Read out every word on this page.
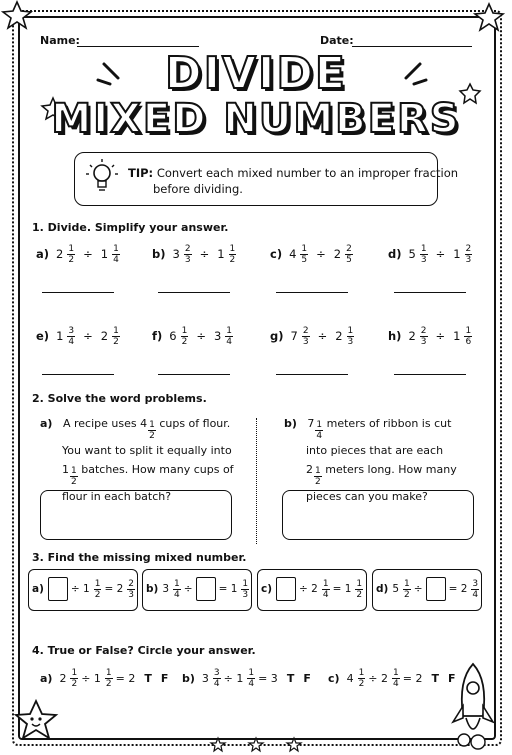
Name:	Date:
DIVIDE
MIXED NUMBERS
TIP: Convert each mixed number to an improper fraction
before dividing.
1. Divide. Simplify your answer.
a) $2 \frac{1}{2} \div 1 \frac{1}{4}$	b) $3 \frac{2}{3} \div 1 \frac{1}{2}$	c) $4 \frac{1}{5} \div 2 \frac{2}{5}$	d) $5 \frac{1}{3} \div 1 \frac{2}{3}$
e) $1 \frac{3}{4} \div 2 \frac{1}{2}$	f) $6 \frac{1}{2} \div 3 \frac{1}{4}$	g) $7 \frac{2}{3} \div 2 \frac{1}{3}$	h) $2 \frac{2}{3} \div 1 \frac{1}{6}$
2. Solve the word problems.
a) A recipe uses $4 \frac{1}{2}$ cups of flour.
You want to split it equally into
$1 \frac{1}{2}$ batches. How many cups of
flour in each batch?
b) $7 \frac{1}{4}$ meters of ribbon is cut
into pieces that are each
$2 \frac{1}{2}$ meters long. How many
pieces can you make?
3. Find the missing mixed number.
a)	÷ $1 \frac{1}{2} = 2 \frac{2}{3} b$) $3 \frac{1}{4}$ ÷ = $1 \frac{1}{3} c$)	÷ $2 \frac{1}{4} = 1 \frac{1}{2} d$) $5 \frac{1}{2}$ ÷ = $2 \frac{3}{4}$
4. True or False? Circle your answer.
a) $2 \frac{1}{2} \div 1 \frac{1}{2} = 2$ T F b) $3 \frac{3}{4} \div 1 \frac{1}{4} = 3$ T F c) $4 \frac{1}{2} \div 2 \frac{1}{4} = 2$ T F
